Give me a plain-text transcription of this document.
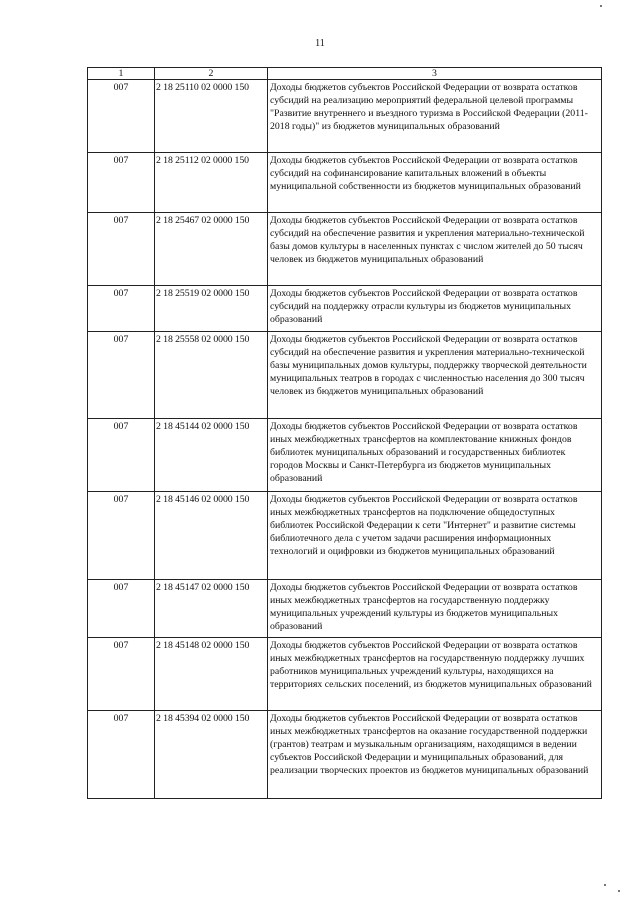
11
1	2	3
007	2 18 25110 02 0000 150	Доходы бюджетов субъектов Российской Федерации от возврата остатков субсидий на реализацию мероприятий федеральной целевой программы "Развитие внутреннего и въездного туризма в Российской Федерации (2011-2018 годы)" из бюджетов муниципальных образований
007	2 18 25112 02 0000 150	Доходы бюджетов субъектов Российской Федерации от возврата остатков субсидий на софинансирование капитальных вложений в объекты муниципальной собственности из бюджетов муниципальных образований
007	2 18 25467 02 0000 150	Доходы бюджетов субъектов Российской Федерации от возврата остатков субсидий на обеспечение развития и укрепления материально-технической базы домов культуры в населенных пунктах с числом жителей до 50 тысяч человек из бюджетов муниципальных образований
007	2 18 25519 02 0000 150	Доходы бюджетов субъектов Российской Федерации от возврата остатков субсидий на поддержку отрасли культуры из бюджетов муниципальных образований
007	2 18 25558 02 0000 150	Доходы бюджетов субъектов Российской Федерации от возврата остатков субсидий на обеспечение развития и укрепления материально-технической базы муниципальных домов культуры, поддержку творческой деятельности муниципальных театров в городах с численностью населения до 300 тысяч человек из бюджетов муниципальных образований
007	2 18 45144 02 0000 150	Доходы бюджетов субъектов Российской Федерации от возврата остатков иных межбюджетных трансфертов на комплектование книжных фондов библиотек муниципальных образований и государственных библиотек городов Москвы и Санкт-Петербурга из бюджетов муниципальных образований
007	2 18 45146 02 0000 150	Доходы бюджетов субъектов Российской Федерации от возврата остатков иных межбюджетных трансфертов на подключение общедоступных библиотек Российской Федерации к сети "Интернет" и развитие системы библиотечного дела с учетом задачи расширения информационных технологий и оцифровки из бюджетов муниципальных образований
007	2 18 45147 02 0000 150	Доходы бюджетов субъектов Российской Федерации от возврата остатков иных межбюджетных трансфертов на государственную поддержку муниципальных учреждений культуры из бюджетов муниципальных образований
007	2 18 45148 02 0000 150	Доходы бюджетов субъектов Российской Федерации от возврата остатков иных межбюджетных трансфертов на государственную поддержку лучших работников муниципальных учреждений культуры, находящихся на территориях сельских поселений, из бюджетов муниципальных образований
007	2 18 45394 02 0000 150	Доходы бюджетов субъектов Российской Федерации от возврата остатков иных межбюджетных трансфертов на оказание государственной поддержки (грантов) театрам и музыкальным организациям, находящимся в ведении субъектов Российской Федерации и муниципальных образований, для реализации творческих проектов из бюджетов муниципальных образований
